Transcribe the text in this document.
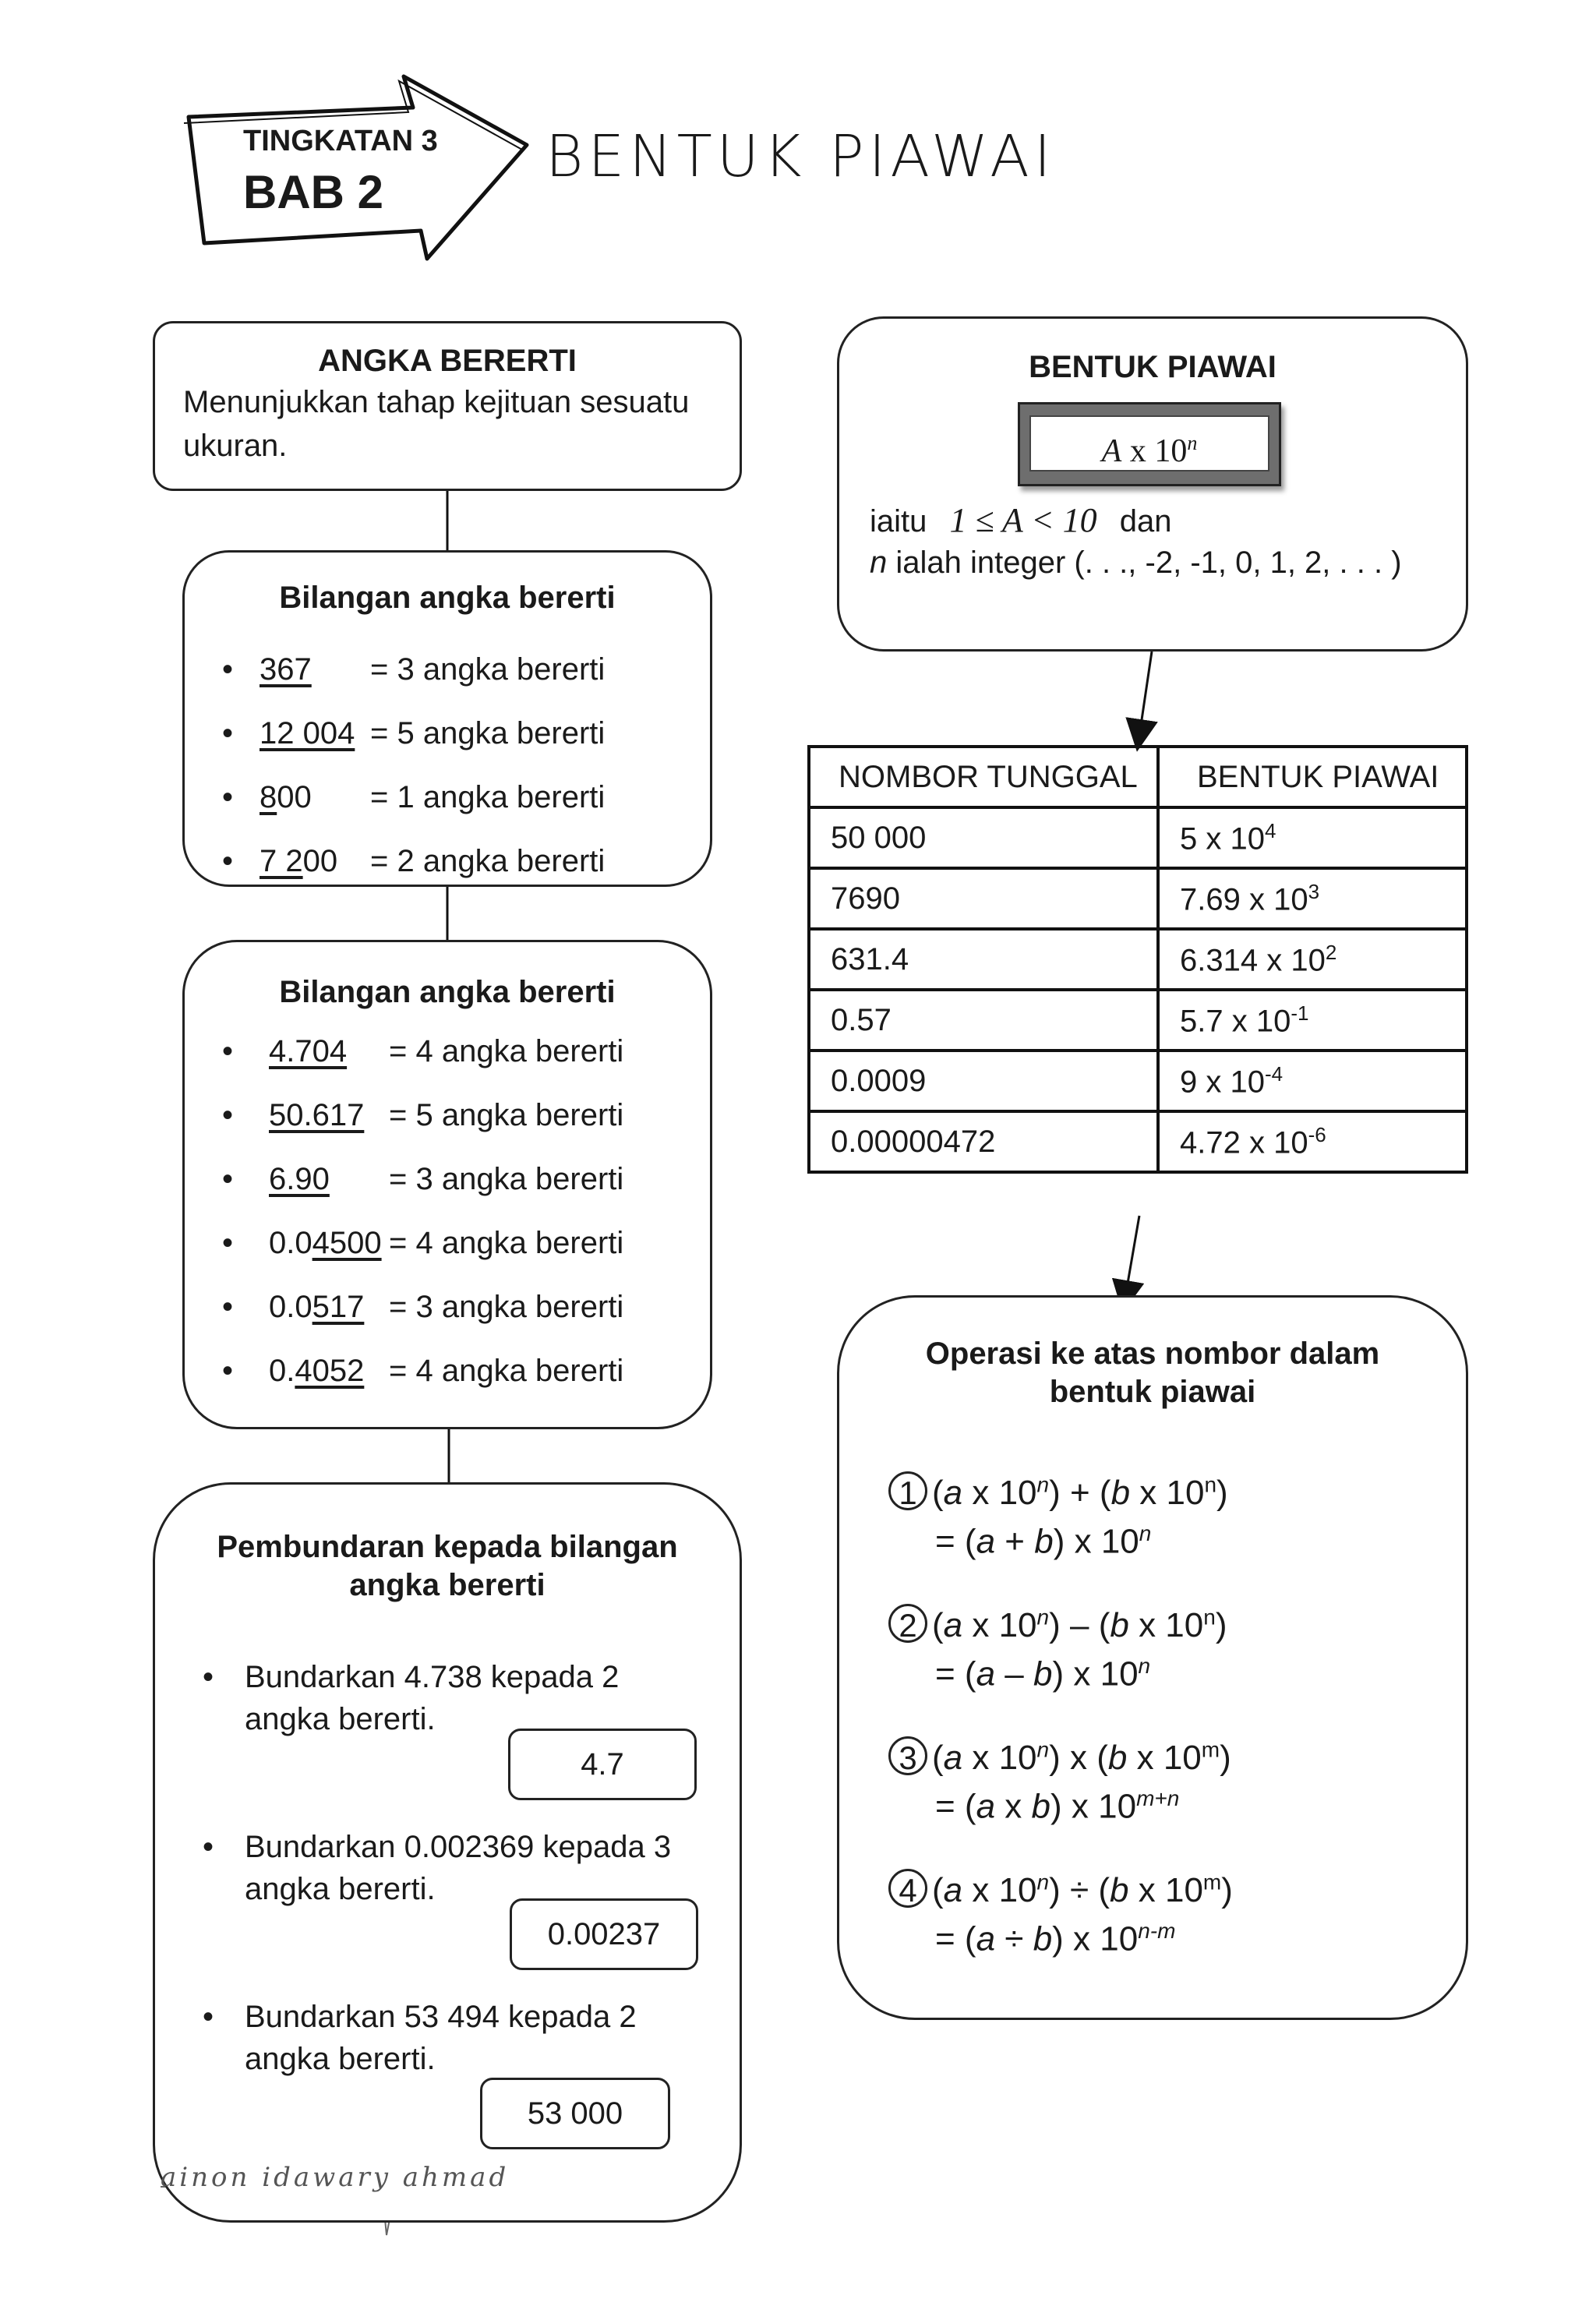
TINGKATAN 3
BAB 2
BENTUK PIAWAI
ANGKA BERERTI
Menunjukkan tahap kejituan sesuatu ukuran.
Bilangan angka bererti
• 367 = 3 angka bererti
• 12 004 = 5 angka bererti
• 800 = 1 angka bererti
• 7 200 = 2 angka bererti
Bilangan angka bererti
• 4.704 = 4 angka bererti
• 50.617 = 5 angka bererti
• 6.90 = 3 angka bererti
• 0.04500 = 4 angka bererti
• 0.0517 = 3 angka bererti
• 0.4052 = 4 angka bererti
Pembundaran kepada bilangan
angka bererti
• Bundarkan 4.738 kepada 2
angka bererti.
4.7
• Bundarkan 0.002369 kepada 3
angka bererti.
0.00237
• Bundarkan 53 494 kepada 2
angka bererti.
53 000
BENTUK PIAWAI
A x 10$^n$
iaitu 1 ≤ A < 10 dan
n ialah integer (. . ., -2, -1, 0, 1, 2, . . . )
NOMBOR TUNGGAL	BENTUK PIAWAI
50 000	5 x $10^4$
7690	7.69 x $10^3$
631.4	6.314 x $10^2$
0.57	5.7 x $10^{-1}$
0.0009	9 x $10^{-4}$
0.00000472	4.72 x $10^{-6}$
Operasi ke atas nombor dalam
bentuk piawai
1 (a x $10^n) + (b$ x $10^n$)
= (a + b) x 10$^n$
2 (a x 10$^n$) – (b x $10^n$)
= (a – b) x 10$^n$
3 (a x 10$^n$) x (b x $10^m$)
= (a x b) x $10^{m+n}$
4 (a x $10^n) \div (b$ x $10^m$)
= (a ÷ b) x 10$^{n-m}$
ainon idawary ahmad
